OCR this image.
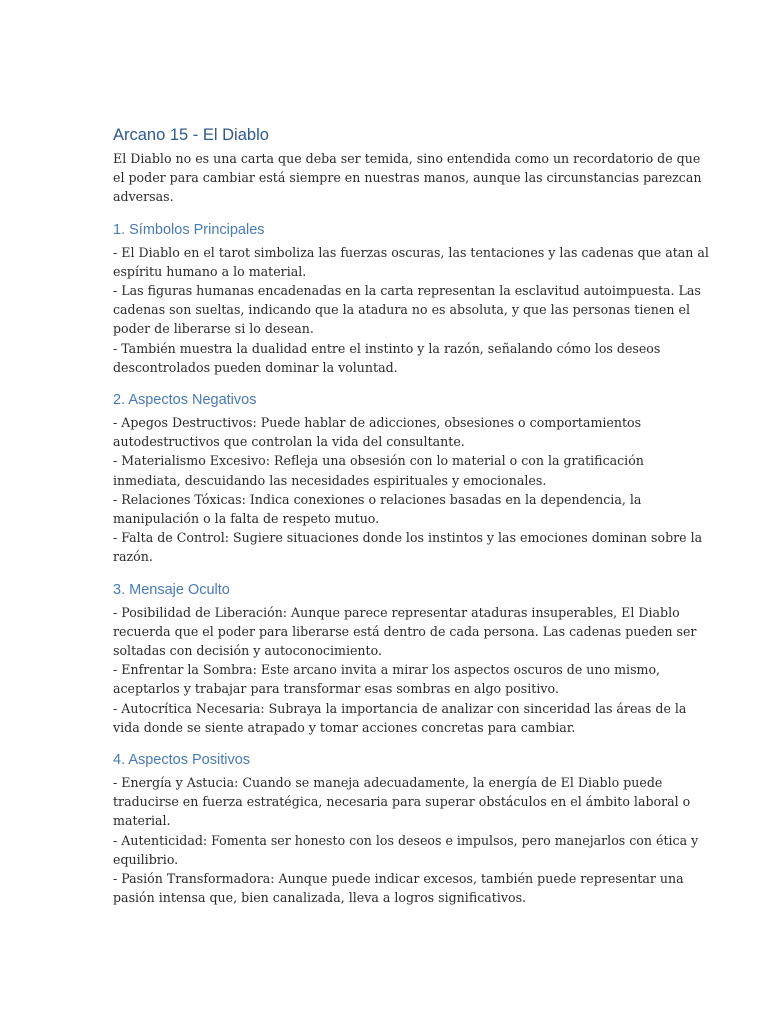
Arcano 15 - El Diablo

El Diablo no es una carta que deba ser temida, sino entendida como un recordatorio de que
el poder para cambiar está siempre en nuestras manos, aunque las circunstancias parezcan
adversas.

1. Símbolos Principales

- El Diablo en el tarot simboliza las fuerzas oscuras, las tentaciones y las cadenas que atan al
espíritu humano a lo material.
- Las figuras humanas encadenadas en la carta representan la esclavitud autoimpuesta. Las
cadenas son sueltas, indicando que la atadura no es absoluta, y que las personas tienen el
poder de liberarse si lo desean.
- También muestra la dualidad entre el instinto y la razón, señalando cómo los deseos
descontrolados pueden dominar la voluntad.

2. Aspectos Negativos

- Apegos Destructivos: Puede hablar de adicciones, obsesiones o comportamientos
autodestructivos que controlan la vida del consultante.
- Materialismo Excesivo: Refleja una obsesión con lo material o con la gratificación
inmediata, descuidando las necesidades espirituales y emocionales.
- Relaciones Tóxicas: Indica conexiones o relaciones basadas en la dependencia, la
manipulación o la falta de respeto mutuo.
- Falta de Control: Sugiere situaciones donde los instintos y las emociones dominan sobre la
razón.

3. Mensaje Oculto

- Posibilidad de Liberación: Aunque parece representar ataduras insuperables, El Diablo
recuerda que el poder para liberarse está dentro de cada persona. Las cadenas pueden ser
soltadas con decisión y autoconocimiento.
- Enfrentar la Sombra: Este arcano invita a mirar los aspectos oscuros de uno mismo,
aceptarlos y trabajar para transformar esas sombras en algo positivo.
- Autocrítica Necesaria: Subraya la importancia de analizar con sinceridad las áreas de la
vida donde se siente atrapado y tomar acciones concretas para cambiar.

4. Aspectos Positivos

- Energía y Astucia: Cuando se maneja adecuadamente, la energía de El Diablo puede
traducirse en fuerza estratégica, necesaria para superar obstáculos en el ámbito laboral o
material.
- Autenticidad: Fomenta ser honesto con los deseos e impulsos, pero manejarlos con ética y
equilibrio.
- Pasión Transformadora: Aunque puede indicar excesos, también puede representar una
pasión intensa que, bien canalizada, lleva a logros significativos.
